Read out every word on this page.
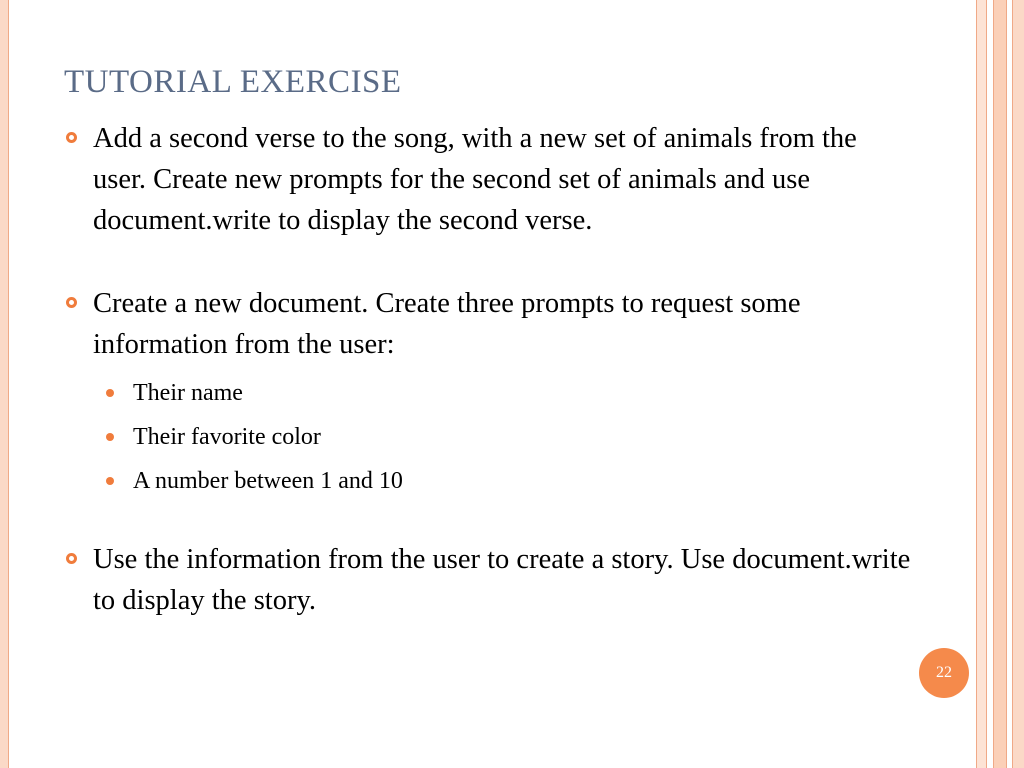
TUTORIAL EXERCISE
Add a second verse to the song, with a new set of animals from the user. Create new prompts for the second set of animals and use document.write to display the second verse.
Create a new document. Create three prompts to request some information from the user:
Their name
Their favorite color
A number between 1 and 10
Use the information from the user to create a story. Use document.write to display the story.
22
